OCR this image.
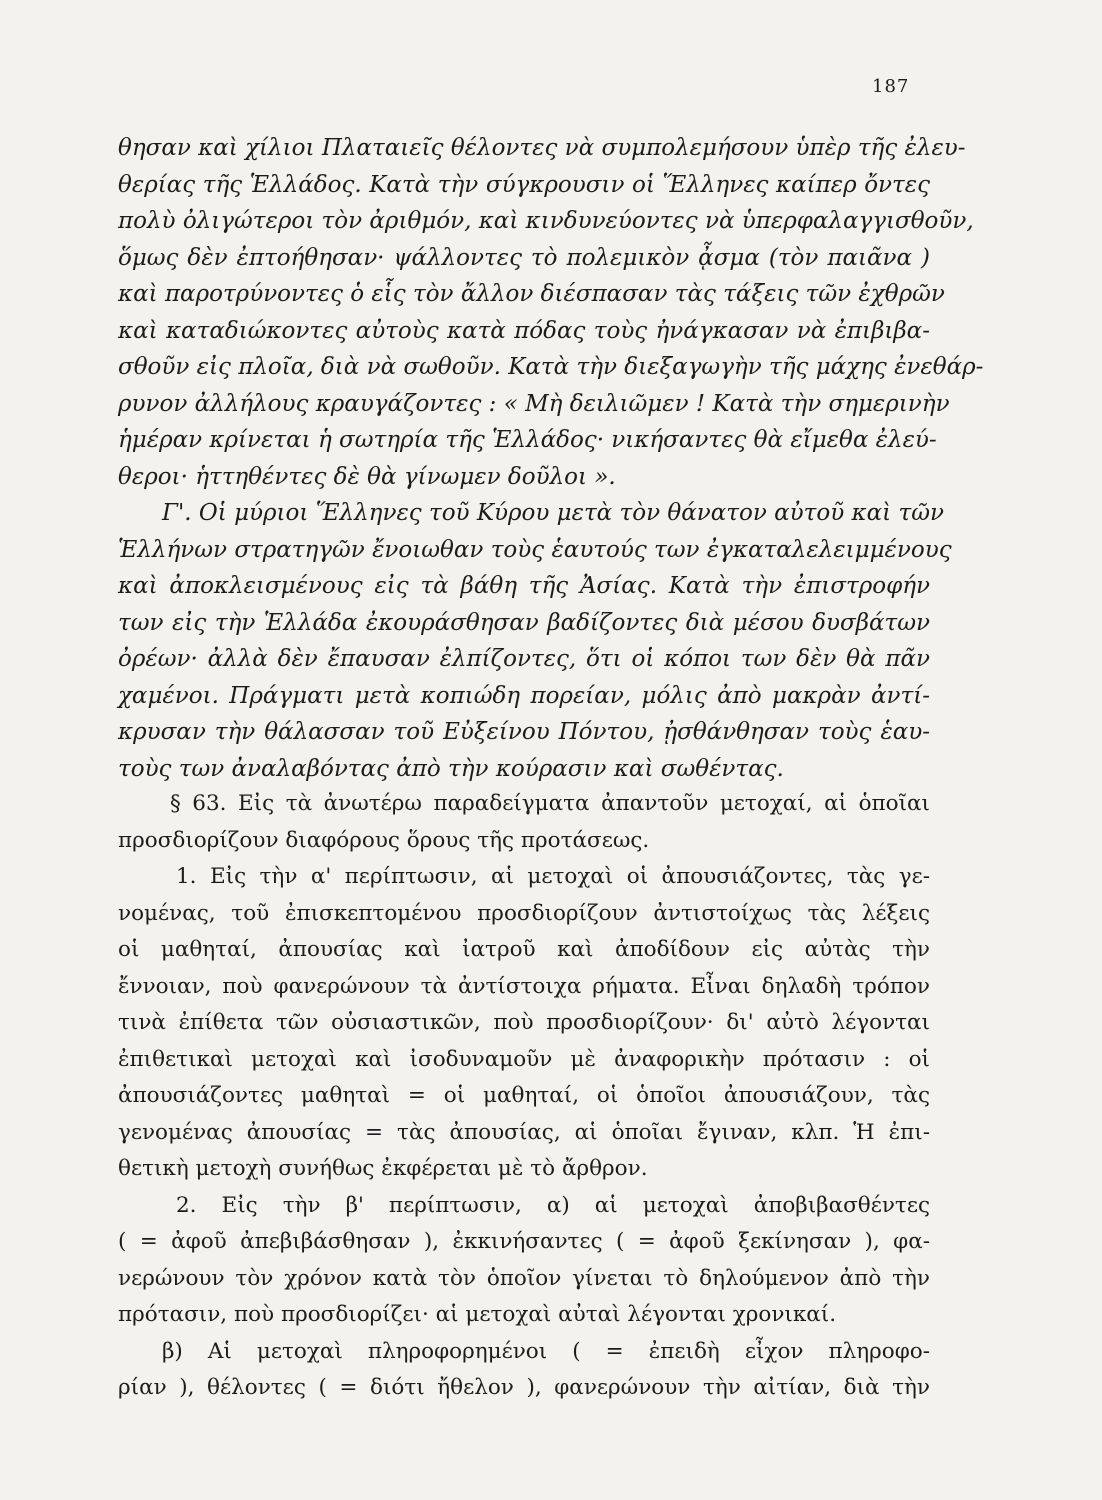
187
θησαν καὶ χίλιοι Πλαταιεῖς θέλοντες νὰ συμπολεμήσουν ὑπὲρ τῆς ἐλευ-
θερίας τῆς Ἑλλάδος. Κατὰ τὴν σύγκρουσιν οἱ Ἕλληνες καίπερ ὄντες
πολὺ ὀλιγώτεροι τὸν ἀριθμόν, καὶ κινδυνεύοντες νὰ ὑπερφαλαγγισθοῦν,
ὅμως δὲν ἐπτοήθησαν· ψάλλοντες τὸ πολεμικὸν ᾆσμα (τὸν παιᾶνα )
καὶ παροτρύνοντες ὁ εἷς τὸν ἄλλον διέσπασαν τὰς τάξεις τῶν ἐχθρῶν
καὶ καταδιώκοντες αὐτοὺς κατὰ πόδας τοὺς ἠνάγκασαν νὰ ἐπιβιβα-
σθοῦν εἰς πλοῖα, διὰ νὰ σωθοῦν. Κατὰ τὴν διεξαγωγὴν τῆς μάχης ἐνεθάρ-
ρυνον ἀλλήλους κραυγάζοντες : « Μὴ δειλιῶμεν ! Κατὰ τὴν σημερινὴν
ἡμέραν κρίνεται ἡ σωτηρία τῆς Ἑλλάδος· νικήσαντες θὰ εἴμεθα ἐλεύ-
θεροι· ἡττηθέντες δὲ θὰ γίνωμεν δοῦλοι ».
Γ'. Οἱ μύριοι Ἕλληνες τοῦ Κύρου μετὰ τὸν θάνατον αὐτοῦ καὶ τῶν
Ἑλλήνων στρατηγῶν ἔνοιωθαν τοὺς ἑαυτούς των ἐγκαταλελειμμένους
καὶ ἀποκλεισμένους εἰς τὰ βάθη τῆς Ἀσίας. Κατὰ τὴν ἐπιστροφήν
των εἰς τὴν Ἑλλάδα ἐκουράσθησαν βαδίζοντες διὰ μέσου δυσβάτων
ὀρέων· ἀλλὰ δὲν ἔπαυσαν ἐλπίζοντες, ὅτι οἱ κόποι των δὲν θὰ πᾶν
χαμένοι. Πράγματι μετὰ κοπιώδη πορείαν, μόλις ἀπὸ μακρὰν ἀντί-
κρυσαν τὴν θάλασσαν τοῦ Εὐξείνου Πόντου, ᾐσθάνθησαν τοὺς ἑαυ-
τοὺς των ἀναλαβόντας ἀπὸ τὴν κούρασιν καὶ σωθέντας.
§ 63. Εἰς τὰ ἀνωτέρω παραδείγματα ἀπαντοῦν μετοχαί, αἱ ὁποῖαι
προσδιορίζουν διαφόρους ὅρους τῆς προτάσεως.
1. Εἰς τὴν α' περίπτωσιν, αἱ μετοχαὶ οἱ ἀπουσιάζοντες, τὰς γε-
νομένας, τοῦ ἐπισκεπτομένου προσδιορίζουν ἀντιστοίχως τὰς λέξεις
οἱ μαθηταί, ἀπουσίας καὶ ἰατροῦ καὶ ἀποδίδουν εἰς αὐτὰς τὴν
ἔννοιαν, ποὺ φανερώνουν τὰ ἀντίστοιχα ρήματα. Εἶναι δηλαδὴ τρόπον
τινὰ ἐπίθετα τῶν οὐσιαστικῶν, ποὺ προσδιορίζουν· δι' αὐτὸ λέγονται
ἐπιθετικαὶ μετοχαὶ καὶ ἰσοδυναμοῦν μὲ ἀναφορικὴν πρότασιν : οἱ
ἀπουσιάζοντες μαθηταὶ = οἱ μαθηταί, οἱ ὁποῖοι ἀπουσιάζουν, τὰς
γενομένας ἀπουσίας = τὰς ἀπουσίας, αἱ ὁποῖαι ἔγιναν, κλπ. Ἡ ἐπι-
θετικὴ μετοχὴ συνήθως ἐκφέρεται μὲ τὸ ἄρθρον.
2. Εἰς τὴν β' περίπτωσιν, α) αἱ μετοχαὶ ἀποβιβασθέντες
( = ἀφοῦ ἀπεβιβάσθησαν ), ἐκκινήσαντες ( = ἀφοῦ ξεκίνησαν ), φα-
νερώνουν τὸν χρόνον κατὰ τὸν ὁποῖον γίνεται τὸ δηλούμενον ἀπὸ τὴν
πρότασιν, ποὺ προσδιορίζει· αἱ μετοχαὶ αὐταὶ λέγονται χρονικαί.
β) Αἱ μετοχαὶ πληροφορημένοι ( = ἐπειδὴ εἶχον πληροφο-
ρίαν ), θέλοντες ( = διότι ἤθελον ), φανερώνουν τὴν αἰτίαν, διὰ τὴν
